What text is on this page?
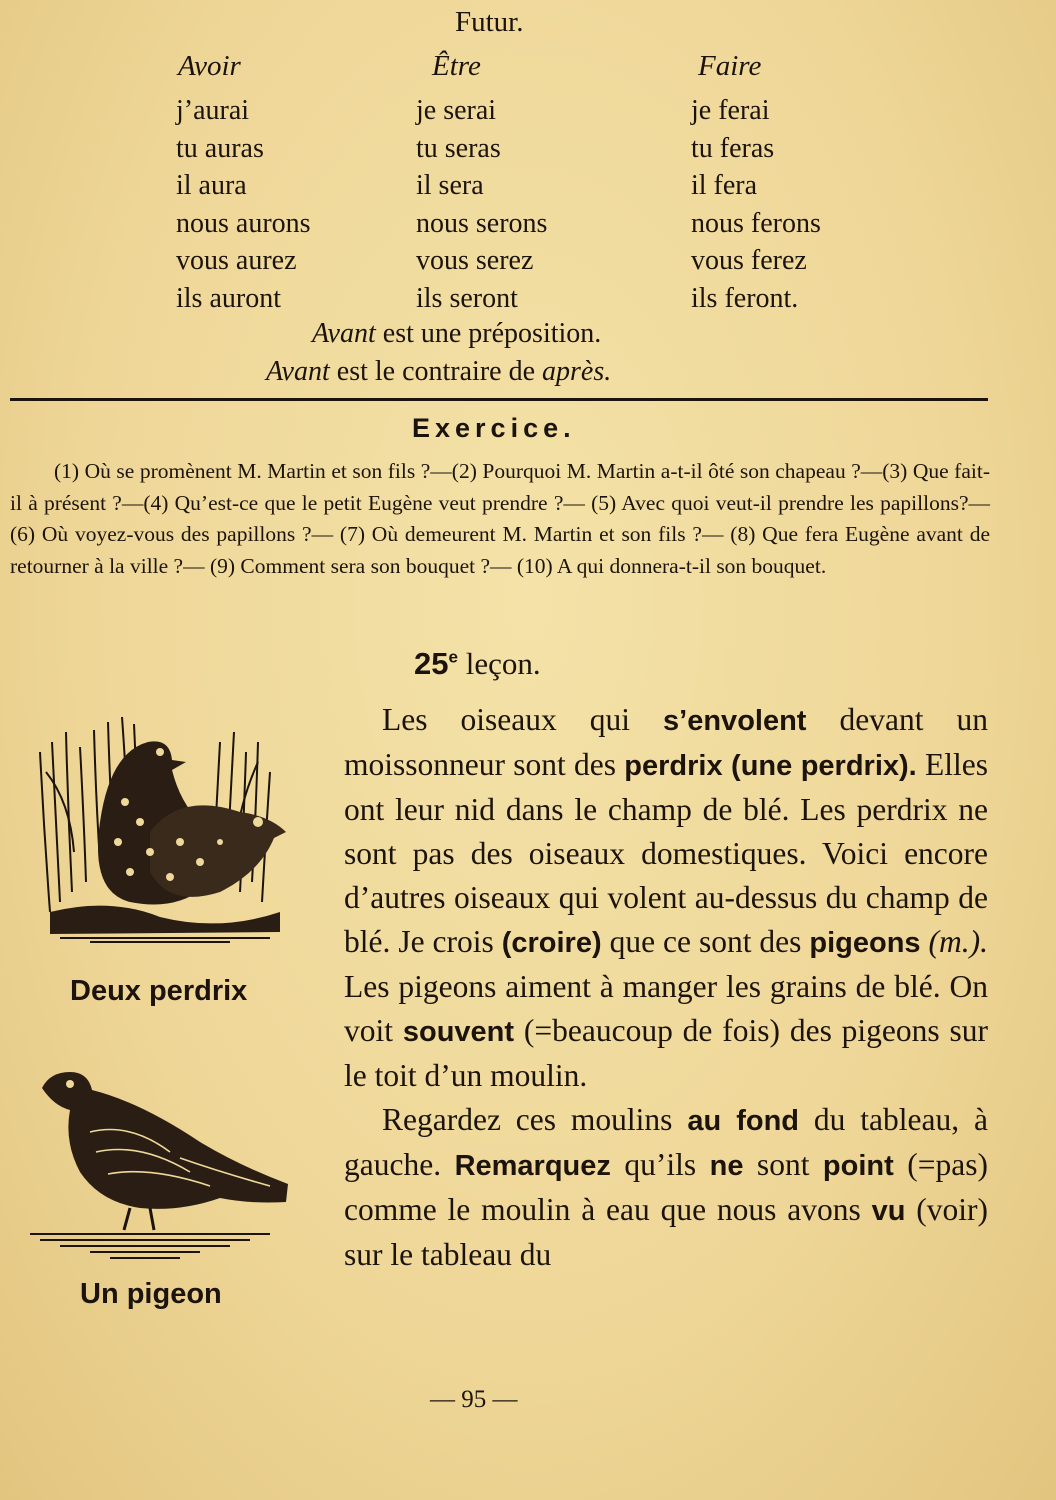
Futur.
Avoir	Être	Faire
j’aurai
tu auras
il aura
nous aurons
vous aurez
ils auront
je serai
tu seras
il sera
nous serons
vous serez
ils seront
je ferai
tu feras
il fera
nous ferons
vous ferez
ils feront.
Avant est une préposition.
Avant est le contraire de après.
Exercice.

(1) Où se promènent M. Martin et son fils ?—(2) Pourquoi M. Martin a-t-il ôté son chapeau ?—(3) Que fait-il à présent ?—(4) Qu’est-ce que le petit Eugène veut prendre ?— (5) Avec quoi veut-il prendre les papillons?— (6) Où voyez-vous des papillons ?— (7) Où demeurent M. Martin et son fils ?— (8) Que fera Eugène avant de retourner à la ville ?— (9) Comment sera son bouquet ?— (10) A qui donnera-t-il son bouquet.

25e leçon.

Les oiseaux qui s’envolent devant un moissonneur sont des perdrix (une perdrix). Elles ont leur nid dans le champ de blé. Les perdrix ne sont pas des oiseaux domestiques. Voici encore d’autres oiseaux qui volent au-dessus du champ de blé. Je crois (croire) que ce sont des pigeons (m.). Les pigeons aiment à manger les grains de blé. On voit souvent (=beaucoup de fois) des pigeons sur le toit d’un moulin.

Regardez ces moulins au fond du tableau, à gauche. Remarquez qu’ils ne sont point (=pas) comme le moulin à eau que nous avons vu (voir) sur le tableau du

Deux perdrix
Un pigeon
— 95 —
